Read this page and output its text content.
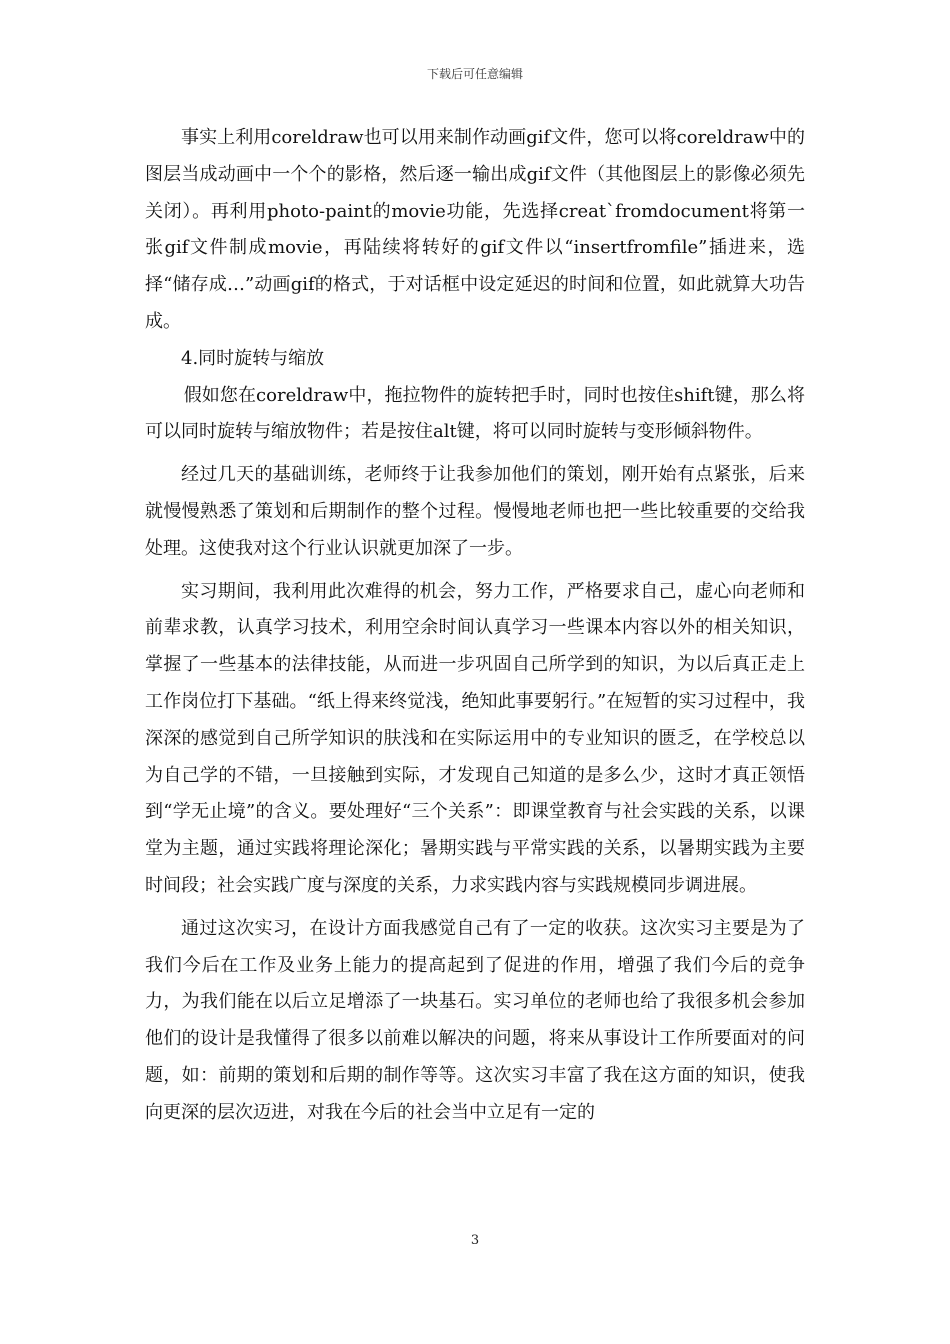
下载后可任意编辑

事实上利用coreldraw也可以用来制作动画gif文件，您可以将coreldraw中的图层当成动画中一个个的影格，然后逐一输出成gif文件（其他图层上的影像必须先关闭）。再利用photo-paint的movie功能，先选择creat`fromdocument将第一张gif文件制成movie，再陆续将转好的gif文件以“insertfromfile”插进来，选择“储存成…”动画gif的格式，于对话框中设定延迟的时间和位置，如此就算大功告成。

4.同时旋转与缩放

假如您在coreldraw中，拖拉物件的旋转把手时，同时也按住shift键，那么将可以同时旋转与缩放物件；若是按住alt键，将可以同时旋转与变形倾斜物件。

经过几天的基础训练，老师终于让我参加他们的策划，刚开始有点紧张，后来就慢慢熟悉了策划和后期制作的整个过程。慢慢地老师也把一些比较重要的交给我处理。这使我对这个行业认识就更加深了一步。

实习期间，我利用此次难得的机会，努力工作，严格要求自己，虚心向老师和前辈求教，认真学习技术，利用空余时间认真学习一些课本内容以外的相关知识，掌握了一些基本的法律技能，从而进一步巩固自己所学到的知识，为以后真正走上工作岗位打下基础。“纸上得来终觉浅，绝知此事要躬行。”在短暂的实习过程中，我深深的感觉到自己所学知识的肤浅和在实际运用中的专业知识的匮乏，在学校总以为自己学的不错，一旦接触到实际，才发现自己知道的是多么少，这时才真正领悟到“学无止境”的含义。要处理好“三个关系”：即课堂教育与社会实践的关系，以课堂为主题，通过实践将理论深化；暑期实践与平常实践的关系，以暑期实践为主要时间段；社会实践广度与深度的关系，力求实践内容与实践规模同步调进展。

通过这次实习，在设计方面我感觉自己有了一定的收获。这次实习主要是为了我们今后在工作及业务上能力的提高起到了促进的作用，增强了我们今后的竞争力，为我们能在以后立足增添了一块基石。实习单位的老师也给了我很多机会参加他们的设计是我懂得了很多以前难以解决的问题，将来从事设计工作所要面对的问题，如：前期的策划和后期的制作等等。这次实习丰富了我在这方面的知识，使我向更深的层次迈进，对我在今后的社会当中立足有一定的

3
